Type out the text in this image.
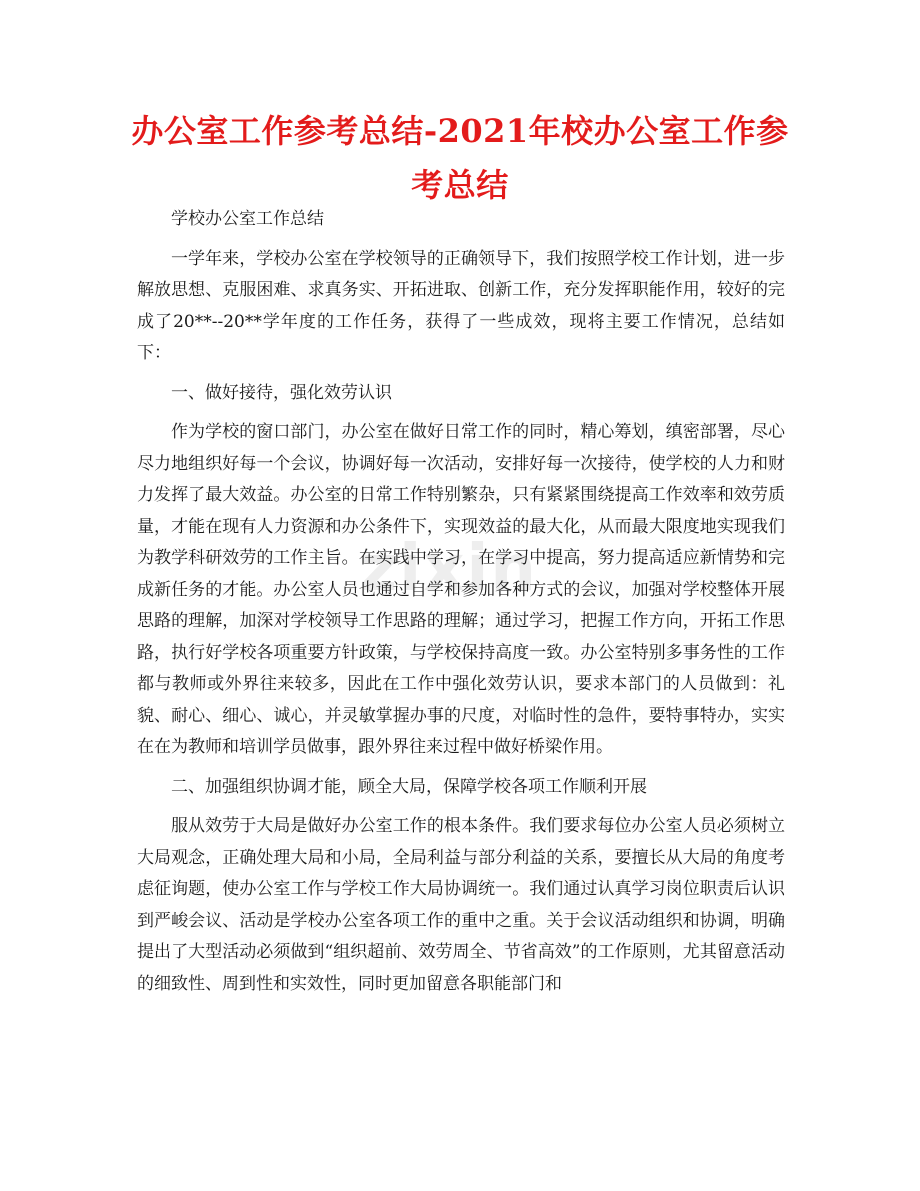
办公室工作参考总结-2021年校办公室工作参考总结
zixin

学校办公室工作总结

一学年来，学校办公室在学校领导的正确领导下，我们按照学校工作计划，进一步解放思想、克服困难、求真务实、开拓进取、创新工作，充分发挥职能作用，较好的完成了20**--20**学年度的工作任务，获得了一些成效，现将主要工作情况，总结如下：

一、做好接待，强化效劳认识

作为学校的窗口部门，办公室在做好日常工作的同时，精心筹划，缜密部署，尽心尽力地组织好每一个会议，协调好每一次活动，安排好每一次接待，使学校的人力和财力发挥了最大效益。办公室的日常工作特别繁杂，只有紧紧围绕提高工作效率和效劳质量，才能在现有人力资源和办公条件下，实现效益的最大化，从而最大限度地实现我们为教学科研效劳的工作主旨。在实践中学习，在学习中提高，努力提高适应新情势和完成新任务的才能。办公室人员也通过自学和参加各种方式的会议，加强对学校整体开展思路的理解，加深对学校领导工作思路的理解；通过学习，把握工作方向，开拓工作思路，执行好学校各项重要方针政策，与学校保持高度一致。办公室特别多事务性的工作都与教师或外界往来较多，因此在工作中强化效劳认识，要求本部门的人员做到：礼貌、耐心、细心、诚心，并灵敏掌握办事的尺度，对临时性的急件，要特事特办，实实在在为教师和培训学员做事，跟外界往来过程中做好桥梁作用。

二、加强组织协调才能，顾全大局，保障学校各项工作顺利开展

服从效劳于大局是做好办公室工作的根本条件。我们要求每位办公室人员必须树立大局观念，正确处理大局和小局，全局利益与部分利益的关系，要擅长从大局的角度考虑征询题，使办公室工作与学校工作大局协调统一。我们通过认真学习岗位职责后认识到严峻会议、活动是学校办公室各项工作的重中之重。关于会议活动组织和协调，明确提出了大型活动必须做到“组织超前、效劳周全、节省高效”的工作原则，尤其留意活动的细致性、周到性和实效性，同时更加留意各职能部门和
